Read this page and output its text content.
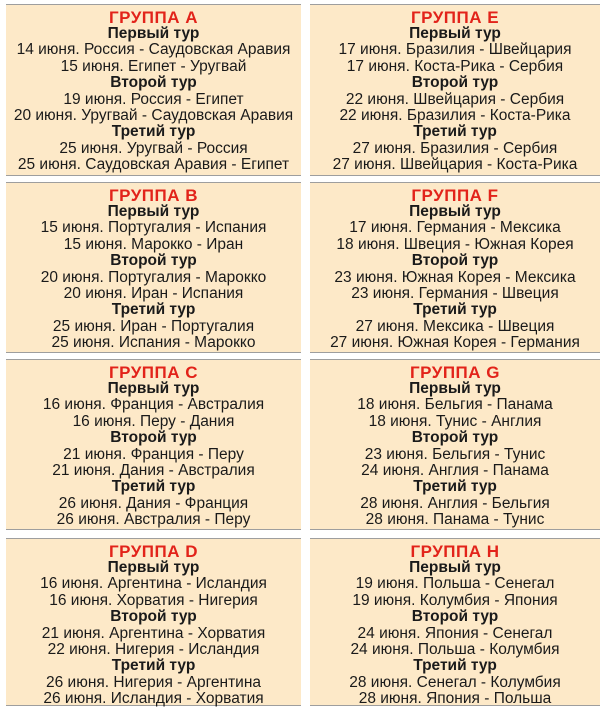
ГРУППА А
Первый тур
14 июня. Россия - Саудовская Аравия
15 июня. Египет - Уругвай
Второй тур
19 июня. Россия - Египет
20 июня. Уругвай - Саудовская Аравия
Третий тур
25 июня. Уругвай - Россия
25 июня. Саудовская Аравия - Египет
ГРУППА E
Первый тур
17 июня. Бразилия - Швейцария
17 июня. Коста-Рика - Сербия
Второй тур
22 июня. Швейцария - Сербия
22 июня. Бразилия - Коста-Рика
Третий тур
27 июня. Бразилия - Сербия
27 июня. Швейцария - Коста-Рика
ГРУППА B
Первый тур
15 июня. Португалия - Испания
15 июня. Марокко - Иран
Второй тур
20 июня. Португалия - Марокко
20 июня. Иран - Испания
Третий тур
25 июня. Иран - Португалия
25 июня. Испания - Марокко
ГРУППА F
Первый тур
17 июня. Германия - Мексика
18 июня. Швеция - Южная Корея
Второй тур
23 июня. Южная Корея - Мексика
23 июня. Германия - Швеция
Третий тур
27 июня. Мексика - Швеция
27 июня. Южная Корея - Германия
ГРУППА C
Первый тур
16 июня. Франция - Австралия
16 июня. Перу - Дания
Второй тур
21 июня. Франция - Перу
21 июня. Дания - Австралия
Третий тур
26 июня. Дания - Франция
26 июня. Австралия - Перу
ГРУППА G
Первый тур
18 июня. Бельгия - Панама
18 июня. Тунис - Англия
Второй тур
23 июня. Бельгия - Тунис
24 июня. Англия - Панама
Третий тур
28 июня. Англия - Бельгия
28 июня. Панама - Тунис
ГРУППА D
Первый тур
16 июня. Аргентина - Исландия
16 июня. Хорватия - Нигерия
Второй тур
21 июня. Аргентина - Хорватия
22 июня. Нигерия - Исландия
Третий тур
26 июня. Нигерия - Аргентина
26 июня. Исландия - Хорватия
ГРУППА H
Первый тур
19 июня. Польша - Сенегал
19 июня. Колумбия - Япония
Второй тур
24 июня. Япония - Сенегал
24 июня. Польша - Колумбия
Третий тур
28 июня. Сенегал - Колумбия
28 июня. Япония - Польша
